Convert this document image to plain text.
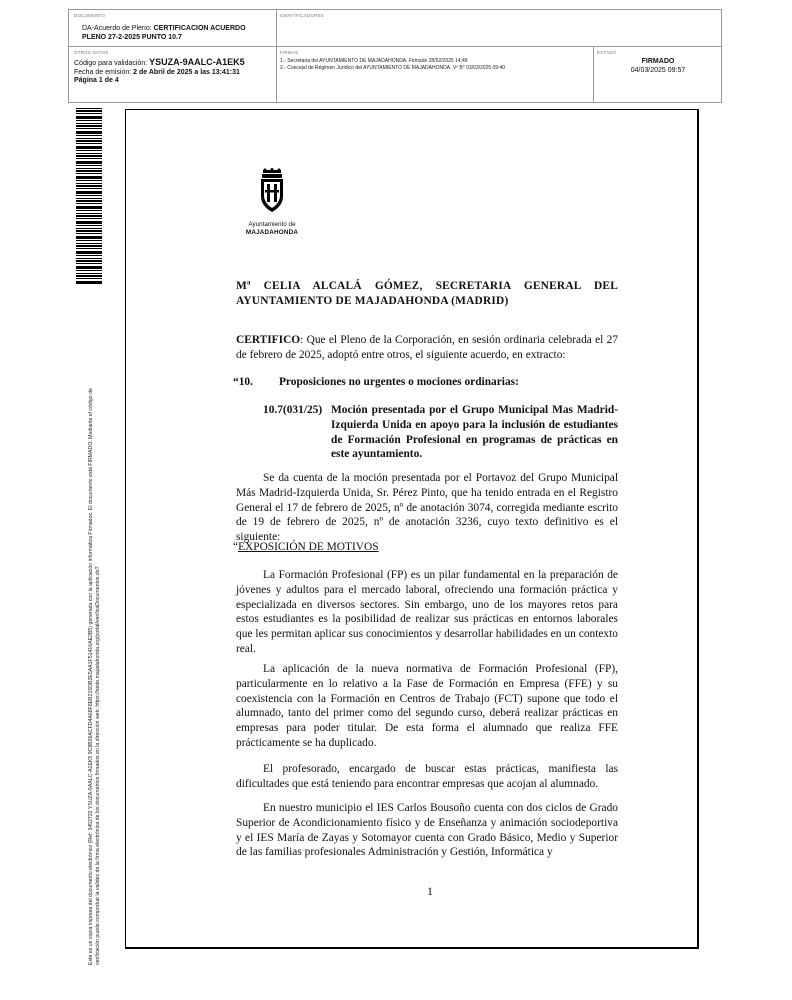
DOCUMENTO
DA-Acuerdo de Pleno: CERTIFICACION ACUERDO
PLENO 27-2-2025 PUNTO 10.7
IDENTIFICADORES
OTROS DATOS
Código para validación: YSUZA-9AALC-A1EK5
Fecha de emisión: 2 de Abril de 2025 a las 13:41:31
Página 1 de 4
FIRMAS
1.- Secretaria del AYUNTAMIENTO DE MAJADAHONDA. Firmado 28/02/2025 14:49
2.- Concejal de Régimen Jurídico del AYUNTAMIENTO DE MAJADAHONDA. Vº B° 03/03/2025 09:40
ESTADO
FIRMADO
04/03/2025 09:57
Este es un copia impresa del documento electrónico (Ref: 3452722 YSUZA-9AALC-A1EK5 9C8B26ACFD4A68F8EB215DB2E5AA1F51416AE2B5) generada con la aplicación informática Firmadoc. El documento está FIRMADO. Mediante el código de verificación puede comprobar la validez de la firma electrónica de los documentos firmados en la dirección web: https://sede.majadahonda.org/portal/verificaDocumentos.do?
Ayuntamiento de
MAJADAHONDA
Mª CELIA ALCALÁ GÓMEZ, SECRETARIA GENERAL DEL AYUNTAMIENTO DE MAJADAHONDA (MADRID)
CERTIFICO: Que el Pleno de la Corporación, en sesión ordinaria celebrada el 27 de febrero de 2025, adoptó entre otros, el siguiente acuerdo, en extracto:
“10. Proposiciones no urgentes o mociones ordinarias:
10.7(031/25) Moción presentada por el Grupo Municipal Mas Madrid-Izquierda Unida en apoyo para la inclusión de estudiantes de Formación Profesional en programas de prácticas en este ayuntamiento.
Se da cuenta de la moción presentada por el Portavoz del Grupo Municipal Más Madrid-Izquierda Unida, Sr. Pérez Pinto, que ha tenido entrada en el Registro General el 17 de febrero de 2025, nº de anotación 3074, corregida mediante escrito de 19 de febrero de 2025, nº de anotación 3236, cuyo texto definitivo es el siguiente:
“EXPOSICIÓN DE MOTIVOS
La Formación Profesional (FP) es un pilar fundamental en la preparación de jóvenes y adultos para el mercado laboral, ofreciendo una formación práctica y especializada en diversos sectores. Sin embargo, uno de los mayores retos para estos estudiantes es la posibilidad de realizar sus prácticas en entornos laborales que les permitan aplicar sus conocimientos y desarrollar habilidades en un contexto real.
La aplicación de la nueva normativa de Formación Profesional (FP), particularmente en lo relativo a la Fase de Formación en Empresa (FFE) y su coexistencia con la Formación en Centros de Trabajo (FCT) supone que todo el alumnado, tanto del primer como del segundo curso, deberá realizar prácticas en empresas para poder titular. De esta forma el alumnado que realiza FFE prácticamente se ha duplicado.
El profesorado, encargado de buscar estas prácticas, manifiesta las dificultades que está teniendo para encontrar empresas que acojan al alumnado.
En nuestro municipio el IES Carlos Bousoño cuenta con dos ciclos de Grado Superior de Acondicionamiento físico y de Enseñanza y animación sociodeportiva y el IES María de Zayas y Sotomayor cuenta con Grado Básico, Medio y Superior de las familias profesionales Administración y Gestión, Informática y
1
